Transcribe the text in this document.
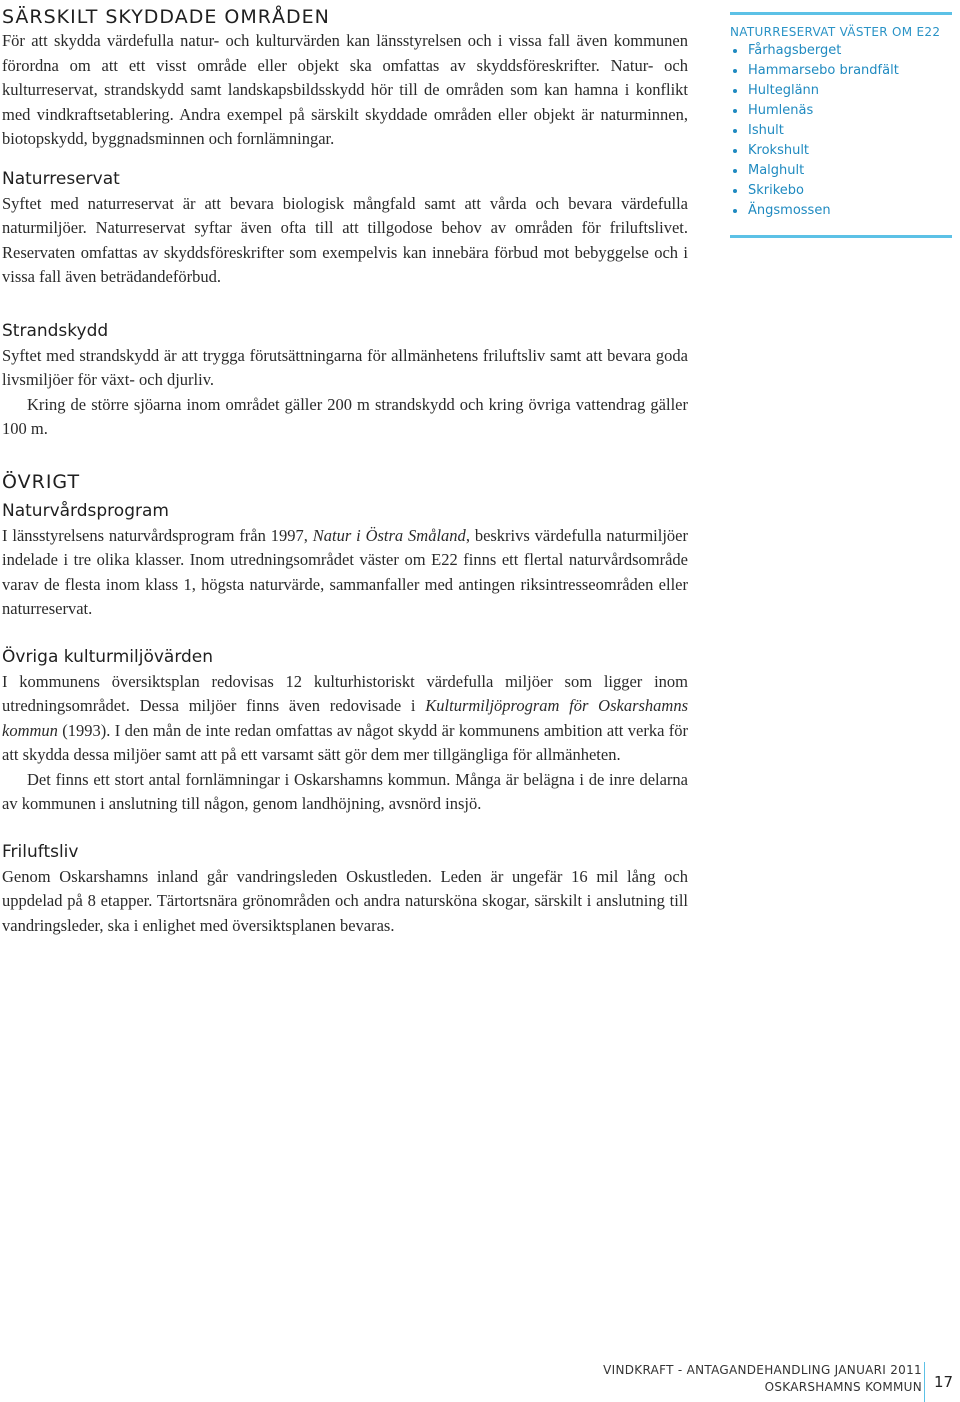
SÄRSKILT SKYDDADE OMRÅDEN

För att skydda värdefulla natur- och kulturvärden kan länsstyrelsen och i vissa fall även kommunen förordna om att ett visst område eller objekt ska omfattas av skyddsföreskrifter. Natur- och kulturreservat, strandskydd samt landskapsbildsskydd hör till de områden som kan hamna i konflikt med vindkraftsetablering. Andra exempel på särskilt skyddade områden eller objekt är naturminnen, biotopskydd, byggnadsminnen och fornlämningar.

Naturreservat

Syftet med naturreservat är att bevara biologisk mångfald samt att vårda och bevara värdefulla naturmiljöer. Naturreservat syftar även ofta till att tillgodose behov av områden för friluftslivet. Reservaten omfattas av skyddsföreskrifter som exempelvis kan innebära förbud mot bebyggelse och i vissa fall även beträdandeförbud.

Strandskydd

Syftet med strandskydd är att trygga förutsättningarna för allmänhetens friluftsliv samt att bevara goda livsmiljöer för växt- och djurliv.

Kring de större sjöarna inom området gäller 200 m strandskydd och kring övriga vattendrag gäller 100 m.

ÖVRIGT
Naturvårdsprogram

I länsstyrelsens naturvårdsprogram från 1997, Natur i Östra Småland, beskrivs värdefulla naturmiljöer indelade i tre olika klasser. Inom utredningsområdet väster om E22 finns ett flertal naturvårdsområde varav de flesta inom klass 1, högsta naturvärde, sammanfaller med antingen riksintresseområden eller naturreservat.

Övriga kulturmiljövärden

I kommunens översiktsplan redovisas 12 kulturhistoriskt värdefulla miljöer som ligger inom utredningsområdet. Dessa miljöer finns även redovisade i Kulturmiljöprogram för Oskarshamns kommun (1993). I den mån de inte redan omfattas av något skydd är kommunens ambition att verka för att skydda dessa miljöer samt att på ett varsamt sätt gör dem mer tillgängliga för allmänheten.

Det finns ett stort antal fornlämningar i Oskarshamns kommun. Många är belägna i de inre delarna av kommunen i anslutning till någon, genom landhöjning, avsnörd insjö.

Friluftsliv

Genom Oskarshamns inland går vandringsleden Oskustleden. Leden är ungefär 16 mil lång och uppdelad på 8 etapper. Tärtortsnära grönområden och andra natursköna skogar, särskilt i anslutning till vandringsleder, ska i enlighet med översiktsplanen bevaras.

NATURRESERVAT VÄSTER OM E22
Fårhagsberget
Hammarsebo brandfält
Hulteglänn
Humlenäs
Ishult
Krokshult
Malghult
Skrikebo
Ängsmossen
VINDKRAFT - ANTAGANDEHANDLING JANUARI 2011
OSKARSHAMNS KOMMUN 17
